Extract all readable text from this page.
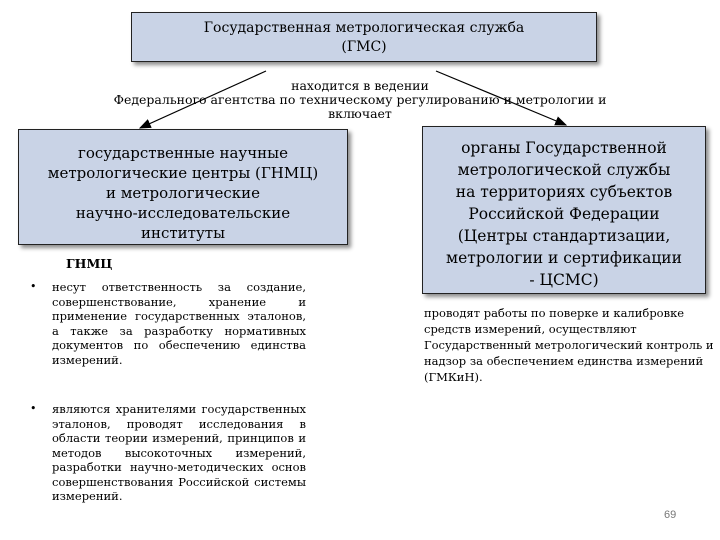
Государственная метрологическая служба
(ГМС)
находится в ведении
Федерального агентства по техническому регулированию и метрологии и
включает
государственные научные
метрологические центры (ГНМЦ)
и метрологические
научно-исследовательские
институты
органы Государственной
метрологической службы
на территориях субъектов
Российской Федерации
(Центры стандартизации,
метрологии и сертификации
- ЦСМС)
ГНМЦ
• несут ответственность за создание, совершенствование, хранение и применение государственных эталонов, а также за разработку нормативных документов по обеспечению единства измерений.
• являются хранителями государственных эталонов, проводят исследования в области теории измерений, принципов и методов высокоточных измерений, разработки научно-методических основ совершенствования Российской системы измерений.
проводят работы по поверке и калибровке средств измерений, осуществляют Государственный метрологический контроль и надзор за обеспечением единства измерений (ГМКиН).
69
